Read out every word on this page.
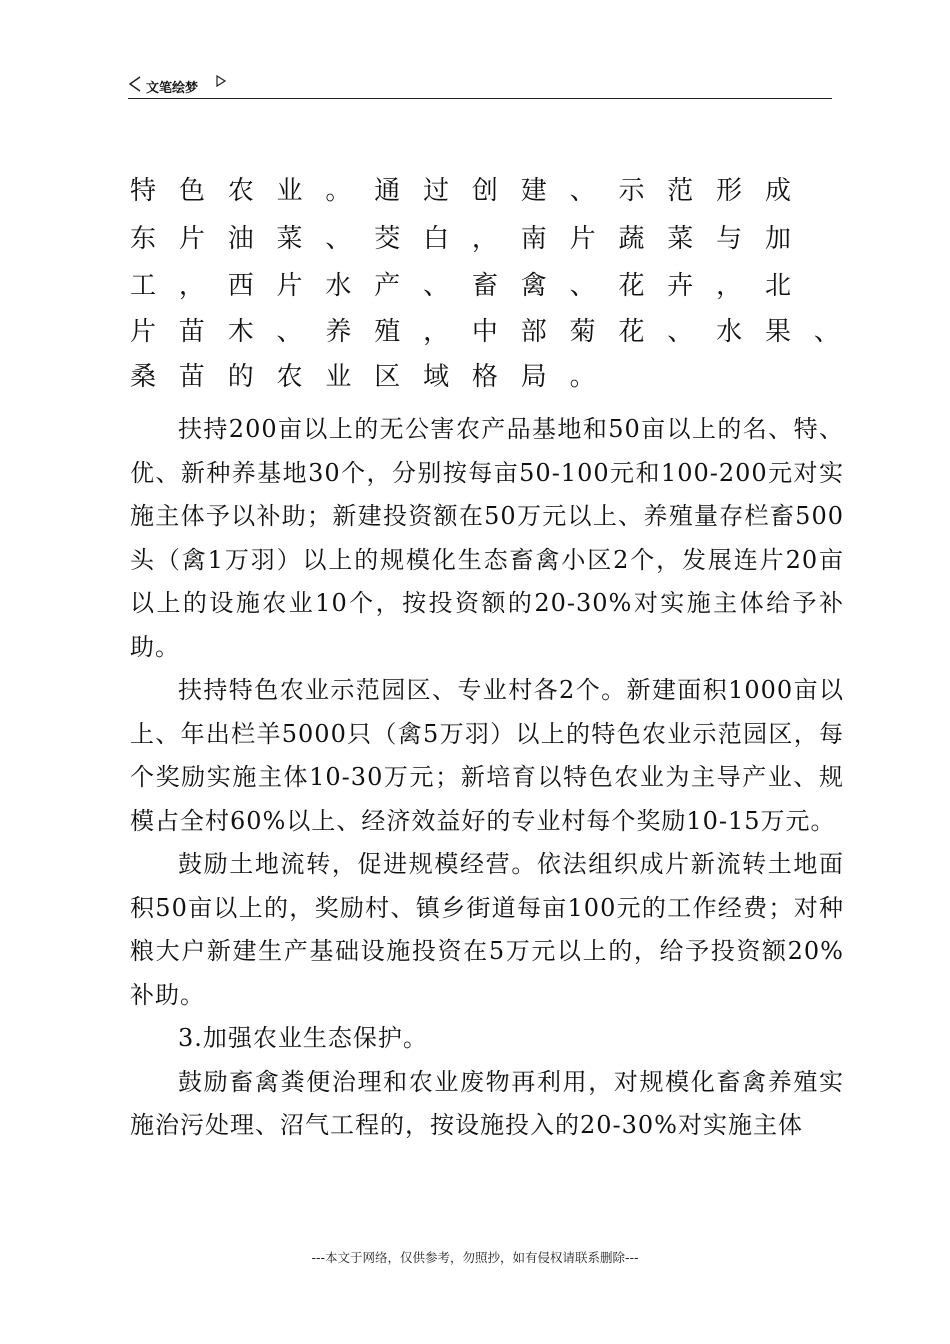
文笔绘梦
特 色 农 业 。 通 过 创 建 、 示 范 形 成
东 片 油 菜 、 茭 白 ， 南 片 蔬 菜 与 加
工 ， 西 片 水 产 、 畜 禽 、 花 卉 ， 北
片 苗 木 、 养 殖 ， 中 部 菊 花 、 水 果 、
桑 苗 的 农 业 区 域 格 局 。

扶持200亩以上的无公害农产品基地和50亩以上的名、特、优、新种养基地30个，分别按每亩50-100元和100-200元对实施主体予以补助；新建投资额在50万元以上、养殖量存栏畜500头（禽1万羽）以上的规模化生态畜禽小区2个，发展连片20亩以上的设施农业10个，按投资额的20-30%对实施主体给予补助。

扶持特色农业示范园区、专业村各2个。新建面积1000亩以上、年出栏羊5000只（禽5万羽）以上的特色农业示范园区，每个奖励实施主体10-30万元；新培育以特色农业为主导产业、规模占全村60%以上、经济效益好的专业村每个奖励10-15万元。

鼓励土地流转，促进规模经营。依法组织成片新流转土地面积50亩以上的，奖励村、镇乡街道每亩100元的工作经费；对种粮大户新建生产基础设施投资在5万元以上的，给予投资额20%补助。

3.加强农业生态保护。

鼓励畜禽粪便治理和农业废物再利用，对规模化畜禽养殖实施治污处理、沼气工程的，按设施投入的20-30%对实施主体

---本文于网络，仅供参考，勿照抄，如有侵权请联系删除---
